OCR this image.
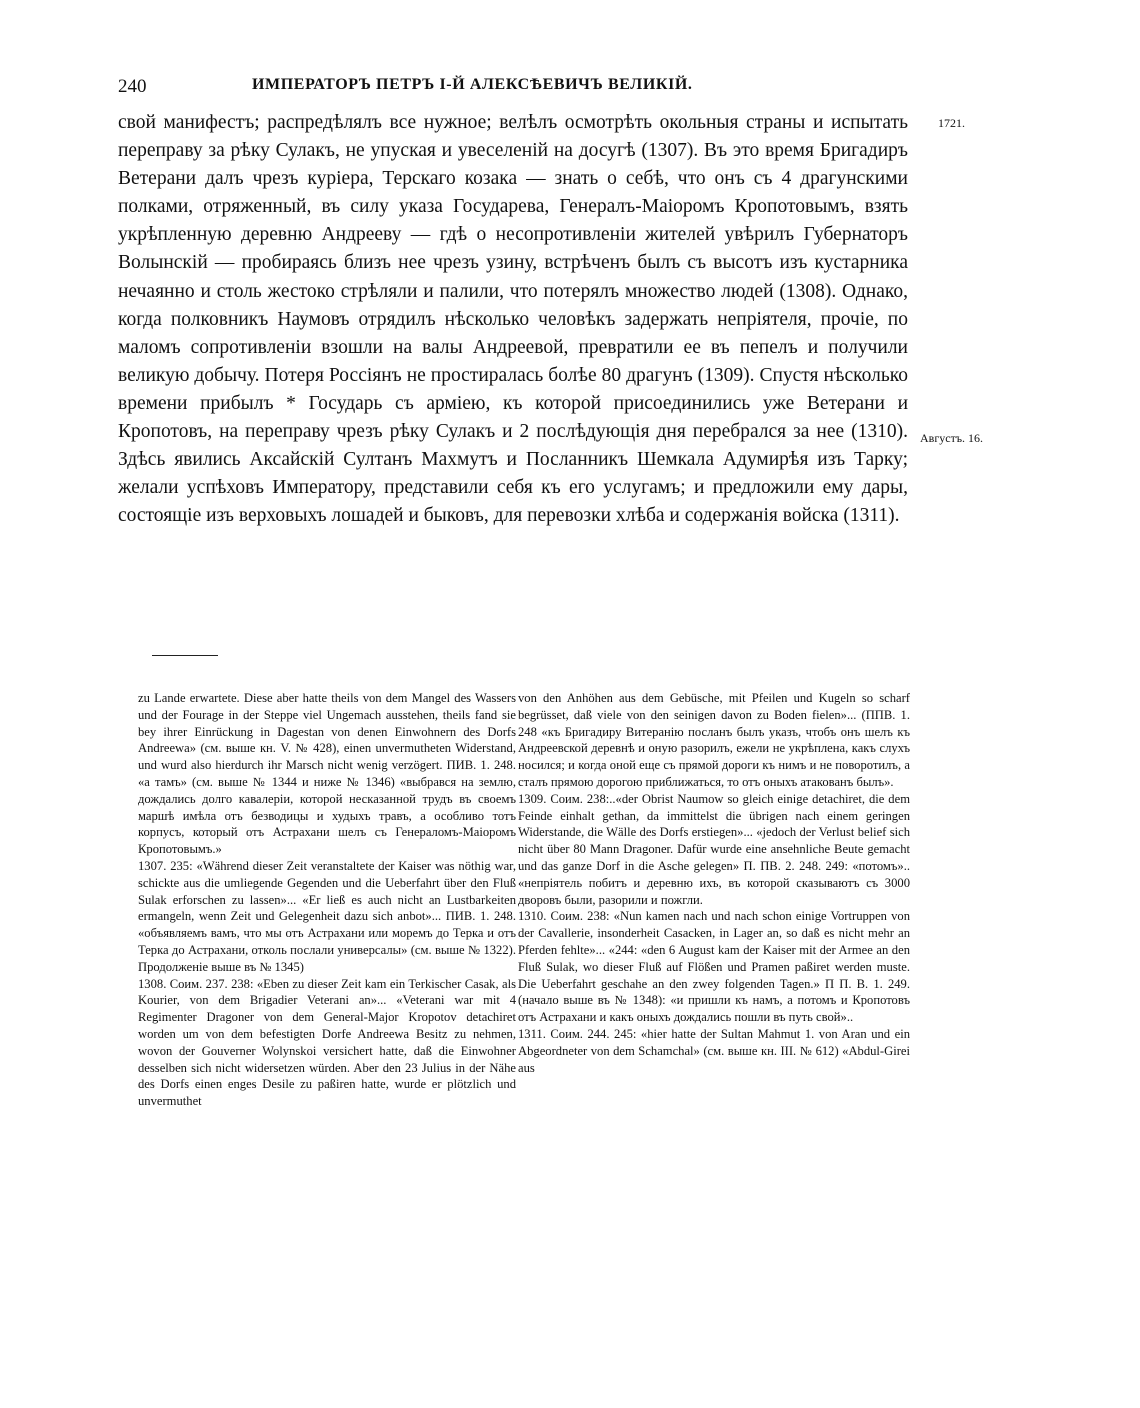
240	ИМПЕРАТОРЪ ПЕТРЪ І-Й АЛЕКСѢЕВИЧЪ ВЕЛИКІЙ.

свой манифестъ; распредѣлялъ все нужное; велѣлъ осмотрѣть окольныя страны и испытать переправу за рѣку Сулакъ, не упуская и увеселеній на досугѣ (1307). Въ это время Бригадиръ Ветерани далъ чрезъ куріера, Терскаго козака — знать о себѣ, что онъ съ 4 драгунскими полками, отряженный, въ силу указа Государева, Генералъ-Маіоромъ Кропотовымъ, взять укрѣпленную деревню Андрееву — гдѣ о несопротивленіи жителей увѣрилъ Губернаторъ Волынскій — пробираясь близъ нее чрезъ узину, встрѣченъ былъ съ высотъ изъ кустарника нечаянно и столь жестоко стрѣляли и палили, что потерялъ множество людей (1308). Однако, когда полковникъ Наумовъ отрядилъ нѣсколько человѣкъ задержать непріятеля, прочіе, по маломъ сопротивленіи взошли на валы Андреевой, превратили ее въ пепелъ и получили великую добычу. Потеря Россіянъ не простиралась болѣе 80 драгунъ (1309). Спустя нѣсколько времени прибылъ * Государь съ арміею, къ которой присоединились уже Ветерани и Кропотовъ, на переправу чрезъ рѣку Сулакъ и 2 послѣдующія дня перебрался за нее (1310). Здѣсь явились Аксайскій Султанъ Махмутъ и Посланникъ Шемкала Адумирѣя изъ Тарку; желали успѣховъ Императору, представили себя къ его услугамъ; и предложили ему дары, состоящіе изъ верховыхъ лошадей и быковъ, для перевозки хлѣба и содержанія войска (1311).

1721.
Августъ. 16.

zu Lande erwartete. Diese aber hatte theils von dem Mangel des Wassers und der Fourage in der Steppe viel Ungemach ausstehen, theils fand sie bey ihrer Einrückung in Dagestan von denen Einwohnern des Dorfs Andreewa» (см. выше кн. V. № 428), einen unvermutheten Widerstand, und wurd also hierdurch ihr Marsch nicht wenig verzögert. ПИВ. 1. 248. «а тамъ» (см. выше № 1344 и ниже № 1346) «выбрався на землю, дождались долго кавалеріи, которой несказанной трудъ въ своемъ маршѣ имѣла отъ безводицы и худыхъ травъ, а особливо тотъ корпусъ, который отъ Астрахани шелъ съ Генераломъ-Маіоромъ Кропотовымъ.»

1307. 235: «Während dieser Zeit veranstaltete der Kaiser was nöthig war, schickte aus die umliegende Gegenden und die Ueberfahrt über den Fluß Sulak erforschen zu lassen»... «Er ließ es auch nicht an Lustbarkeiten ermangeln, wenn Zeit und Gelegenheit dazu sich anbot»... ПИВ. 1. 248. «объявляемъ вамъ, что мы отъ Астрахани или моремъ до Терка и отъ Терка до Астрахани, отколь послали универсалы» (см. выше № 1322). Продолженіе выше въ № 1345)

1308. Соим. 237. 238: «Eben zu dieser Zeit kam ein Terkischer Casak, als Kourier, von dem Brigadier Veterani an»... «Veterani war mit 4 Regimenter Dragoner von dem General-Major Kropotov detachiret worden um von dem befestigten Dorfe Andreewa Besitz zu nehmen, wovon der Gouverner Wolynskoi versichert hatte, daß die Einwohner desselben sich nicht widersetzen würden. Aber den 23 Julius in der Nähe des Dorfs einen enges Desile zu paßiren hatte, wurde er plötzlich und unvermuthet

von den Anhöhen aus dem Gebüsche, mit Pfeilen und Kugeln so scharf begrüsset, daß viele von den seinigen davon zu Boden fielen»... (ППВ. 1. 248 «къ Бригадиру Витеранію посланъ былъ указъ, чтобъ онъ шелъ къ Андреевской деревнѣ и оную разорилъ, ежели не укрѣплена, какъ слухъ носился; и когда оной еще съ прямой дороги къ нимъ и не поворотилъ, а сталъ прямою дорогою приближаться, то отъ оныхъ атакованъ былъ».

1309. Соим. 238:..«der Obrist Naumow so gleich einige detachiret, die dem Feinde einhalt gethan, da immittelst die übrigen nach einem geringen Widerstande, die Wälle des Dorfs erstiegen»... «jedoch der Verlust belief sich nicht über 80 Mann Dragoner. Dafür wurde eine ansehnliche Beute gemacht und das ganze Dorf in die Asche gelegen» П. ПВ. 2. 248. 249: «потомъ».. «непріятель побитъ и деревню ихъ, въ которой сказываютъ съ 3000 дворовъ были, разорили и пожгли.

1310. Соим. 238: «Nun kamen nach und nach schon einige Vortruppen von der Cavallerie, insonderheit Casacken, in Lager an, so daß es nicht mehr an Pferden fehlte»... «244: «den 6 August kam der Kaiser mit der Armee an den Fluß Sulak, wo dieser Fluß auf Flößen und Pramen paßiret werden muste. Die Ueberfahrt geschahe an den zwey folgenden Tagen.» П П. В. 1. 249. (начало выше въ № 1348): «и пришли къ намъ, а потомъ и Кропотовъ отъ Астрахани и какъ оныхъ дождались пошли въ путь свой»..

1311. Соим. 244. 245: «hier hatte der Sultan Mahmut 1. von Aran und ein Abgeordneter von dem Schamchal» (см. выше кн. III. № 612) «Abdul-Girei aus
